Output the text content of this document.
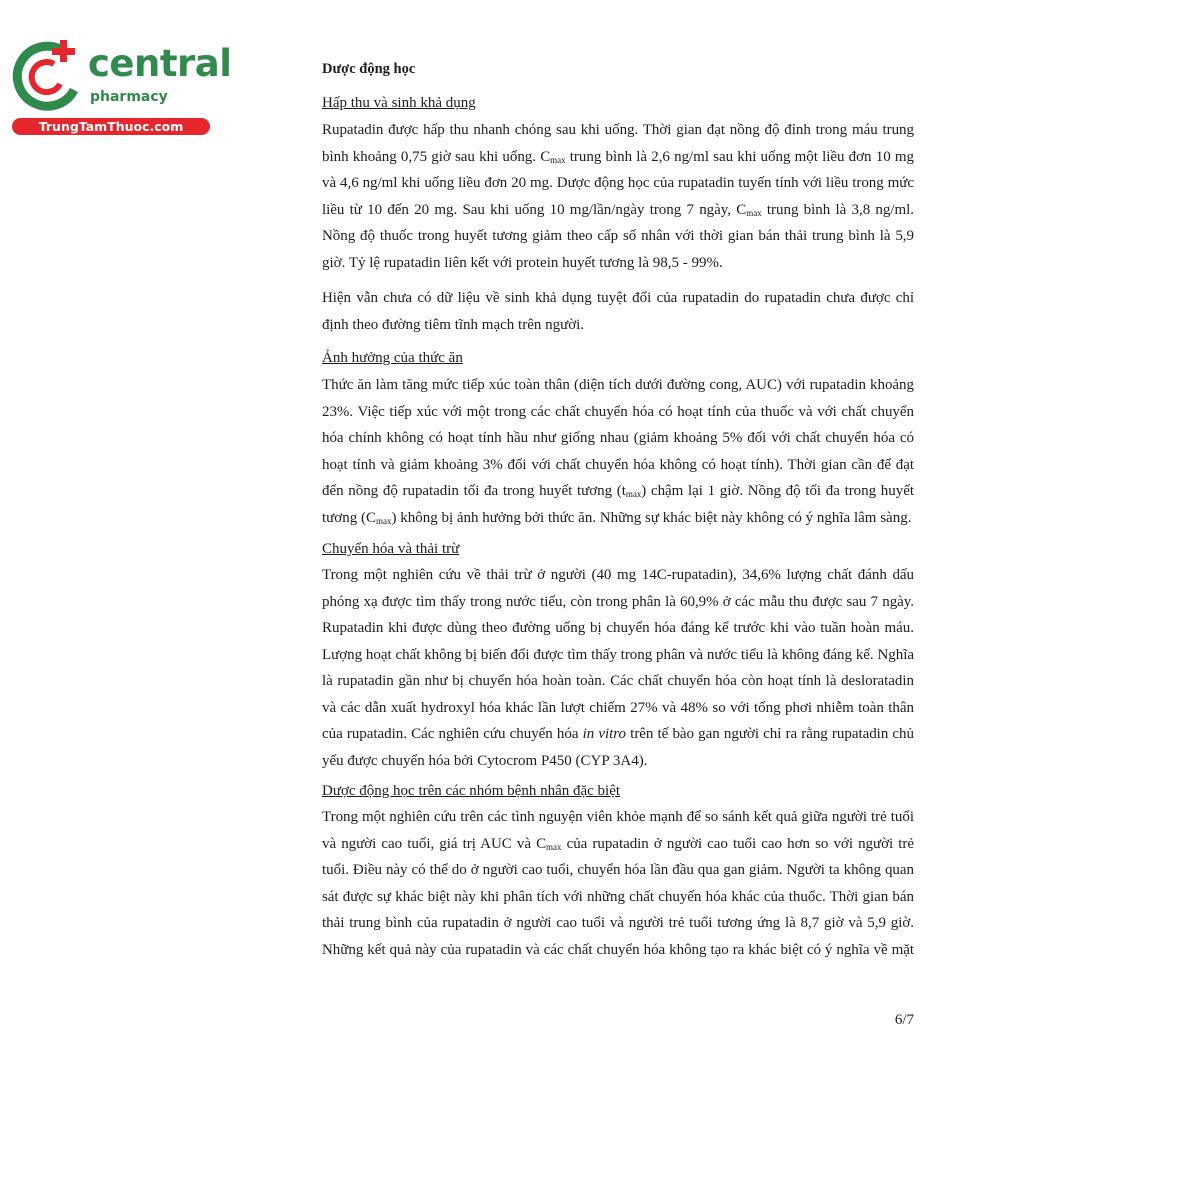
central
pharmacy
TrungTamThuoc.com
Dược động học
Hấp thu và sinh khả dụng
Rupatadin được hấp thu nhanh chóng sau khi uống. Thời gian đạt nồng độ đỉnh trong máu trung
bình khoảng 0,75 giờ sau khi uống. $C_{max}$ trung bình là 2,6 ng/ml sau khi uống một liều đơn 10 mg
và 4,6 ng/ml khi uống liều đơn 20 mg. Dược động học của rupatadin tuyến tính với liều trong mức
liều từ 10 đến 20 mg. Sau khi uống 10 mg/lần/ngày trong 7 ngày, $C_{max}$ trung bình là 3,8 ng/ml.
Nồng độ thuốc trong huyết tương giảm theo cấp số nhân với thời gian bán thải trung bình là 5,9
giờ. Tỷ lệ rupatadin liên kết với protein huyết tương là 98,5 - 99%.
Hiện vẫn chưa có dữ liệu về sinh khả dụng tuyệt đối của rupatadin do rupatadin chưa được chỉ
định theo đường tiêm tĩnh mạch trên người.
Ảnh hưởng của thức ăn
Thức ăn làm tăng mức tiếp xúc toàn thân (diện tích dưới đường cong, AUC) với rupatadin khoảng
23%. Việc tiếp xúc với một trong các chất chuyển hóa có hoạt tính của thuốc và với chất chuyển
hóa chính không có hoạt tính hầu như giống nhau (giảm khoảng 5% đối với chất chuyển hóa có
hoạt tính và giảm khoảng 3% đối với chất chuyển hóa không có hoạt tính). Thời gian cần để đạt
đến nồng độ rupatadin tối đa trong huyết tương $(t_{max})$ chậm lại 1 giờ. Nồng độ tối đa trong huyết
tương $(C_{max})$ không bị ảnh hưởng bởi thức ăn. Những sự khác biệt này không có ý nghĩa lâm sàng.
Chuyển hóa và thải trừ
Trong một nghiên cứu về thải trừ ở người (40 mg 14C-rupatadin), 34,6% lượng chất đánh dấu
phóng xạ được tìm thấy trong nước tiểu, còn trong phân là 60,9% ở các mẫu thu được sau 7 ngày.
Rupatadin khi được dùng theo đường uống bị chuyển hóa đáng kể trước khi vào tuần hoàn máu.
Lượng hoạt chất không bị biến đổi được tìm thấy trong phân và nước tiểu là không đáng kể. Nghĩa
là rupatadin gần như bị chuyển hóa hoàn toàn. Các chất chuyển hóa còn hoạt tính là desloratadin
và các dẫn xuất hydroxyl hóa khác lần lượt chiếm 27% và 48% so với tổng phơi nhiễm toàn thân
của rupatadin. Các nghiên cứu chuyển hóa in vitro trên tế bào gan người chỉ ra rằng rupatadin chủ
yếu được chuyển hóa bởi Cytocrom P450 (CYP 3A4).
Dược động học trên các nhóm bệnh nhân đặc biệt
Trong một nghiên cứu trên các tình nguyện viên khỏe mạnh để so sánh kết quả giữa người trẻ tuổi
và người cao tuổi, giá trị AUC và $C_{max}$ của rupatadin ở người cao tuổi cao hơn so với người trẻ
tuổi. Điều này có thể do ở người cao tuổi, chuyển hóa lần đầu qua gan giảm. Người ta không quan
sát được sự khác biệt này khi phân tích với những chất chuyển hóa khác của thuốc. Thời gian bán
thải trung bình của rupatadin ở người cao tuổi và người trẻ tuổi tương ứng là 8,7 giờ và 5,9 giờ.
Những kết quả này của rupatadin và các chất chuyển hóa không tạo ra khác biệt có ý nghĩa về mặt
6/7
